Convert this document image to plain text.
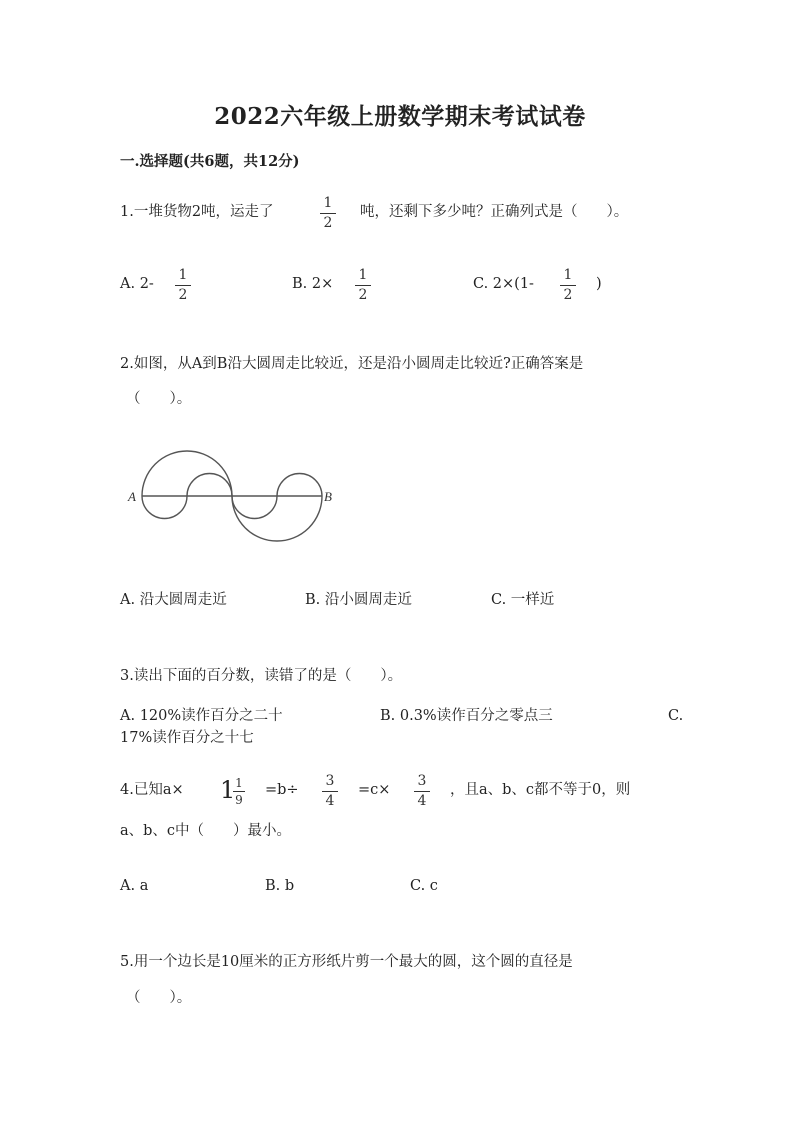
2022六年级上册数学期末考试试卷
一.选择题(共6题，共12分)
1.一堆货物2吨，运走了
1
2
吨，还剩下多少吨？正确列式是（　　）。
A. 2-
1
2
B. 2×
1
2
C. 2×(1-
1
2
)
2.如图，从A到B沿大圆周走比较近，还是沿小圆周走比较近?正确答案是
（　　）。
A	B
A. 沿大圆周走近	B. 沿小圆周走近	C. 一样近
3.读出下面的百分数，读错了的是（　　）。
A. 120%读作百分之二十	B. 0.3%读作百分之零点三	C.
17%读作百分之十七
4.已知a× 1 1
9
=b÷
3
4
=c×
3
4
，且a、b、c都不等于0，则
a、b、c中（　　）最小。
A. a	B. b	C. c
5.用一个边长是10厘米的正方形纸片剪一个最大的圆，这个圆的直径是
（　　）。
